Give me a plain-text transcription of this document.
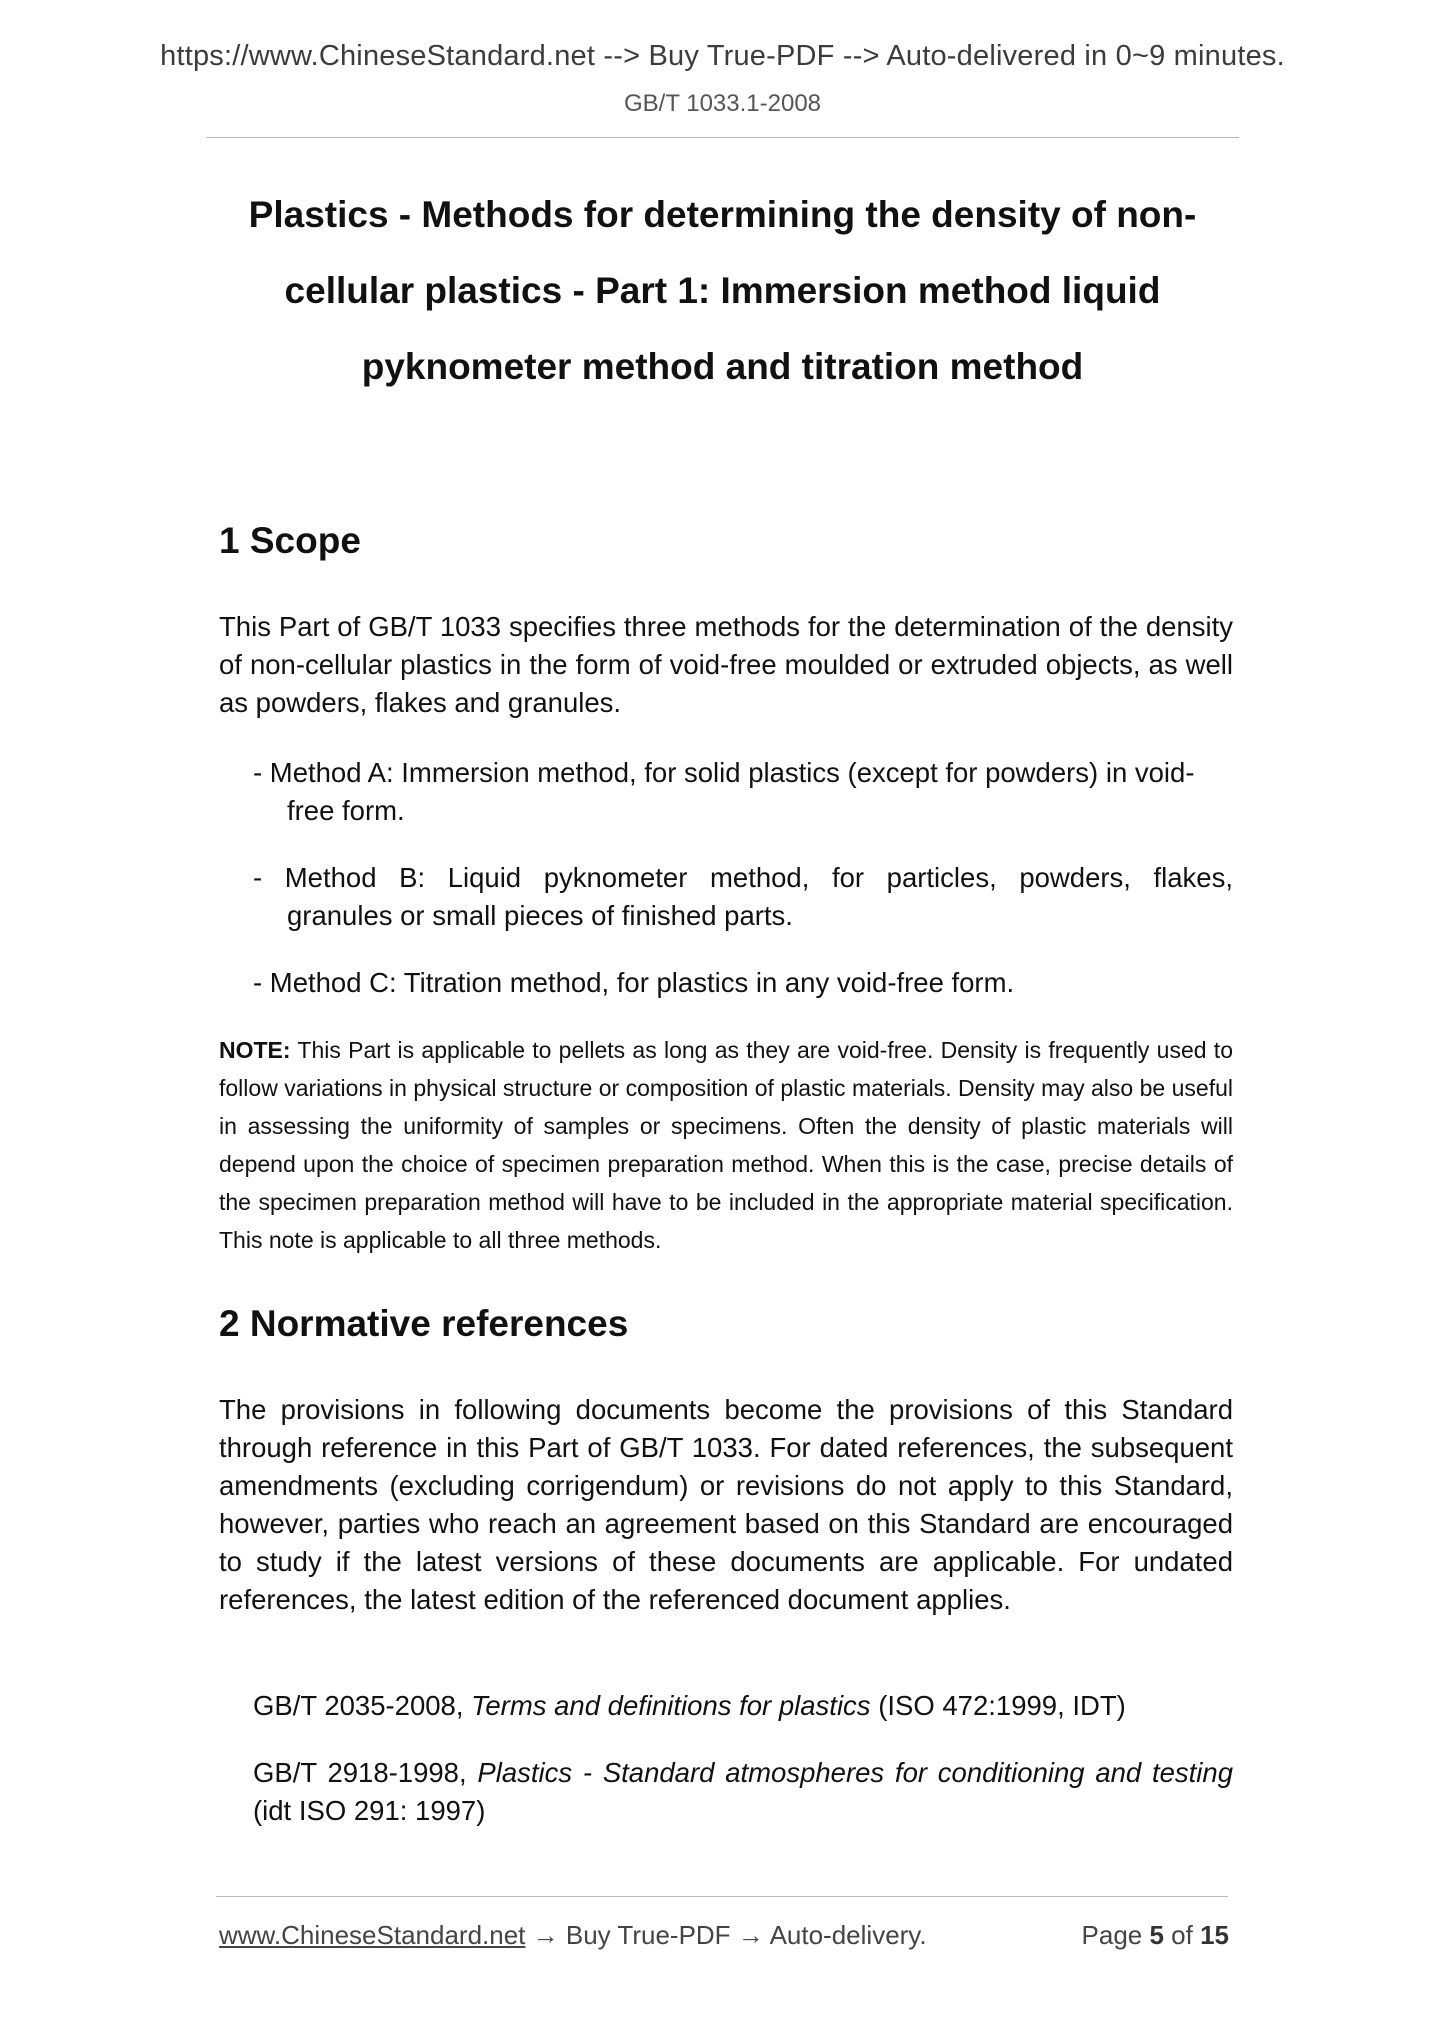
https://www.ChineseStandard.net --> Buy True-PDF --> Auto-delivered in 0~9 minutes.
GB/T 1033.1-2008
Plastics - Methods for determining the density of non-
cellular plastics - Part 1: Immersion method liquid
pyknometer method and titration method
1 Scope
This Part of GB/T 1033 specifies three methods for the determination of the density of non-cellular plastics in the form of void-free moulded or extruded objects, as well as powders, flakes and granules.
- Method A: Immersion method, for solid plastics (except for powders) in void-
free form.
- Method B: Liquid pyknometer method, for particles, powders, flakes,
granules or small pieces of finished parts.
- Method C: Titration method, for plastics in any void-free form.
NOTE: This Part is applicable to pellets as long as they are void-free. Density is frequently used to follow variations in physical structure or composition of plastic materials. Density may also be useful in assessing the uniformity of samples or specimens. Often the density of plastic materials will depend upon the choice of specimen preparation method. When this is the case, precise details of the specimen preparation method will have to be included in the appropriate material specification. This note is applicable to all three methods.
2 Normative references
The provisions in following documents become the provisions of this Standard through reference in this Part of GB/T 1033. For dated references, the subsequent amendments (excluding corrigendum) or revisions do not apply to this Standard, however, parties who reach an agreement based on this Standard are encouraged to study if the latest versions of these documents are applicable. For undated references, the latest edition of the referenced document applies.
GB/T 2035-2008, Terms and definitions for plastics (ISO 472:1999, IDT)
GB/T 2918-1998, Plastics - Standard atmospheres for conditioning and testing (idt ISO 291: 1997)
www.ChineseStandard.net → Buy True-PDF → Auto-delivery.	Page 5 of 15
